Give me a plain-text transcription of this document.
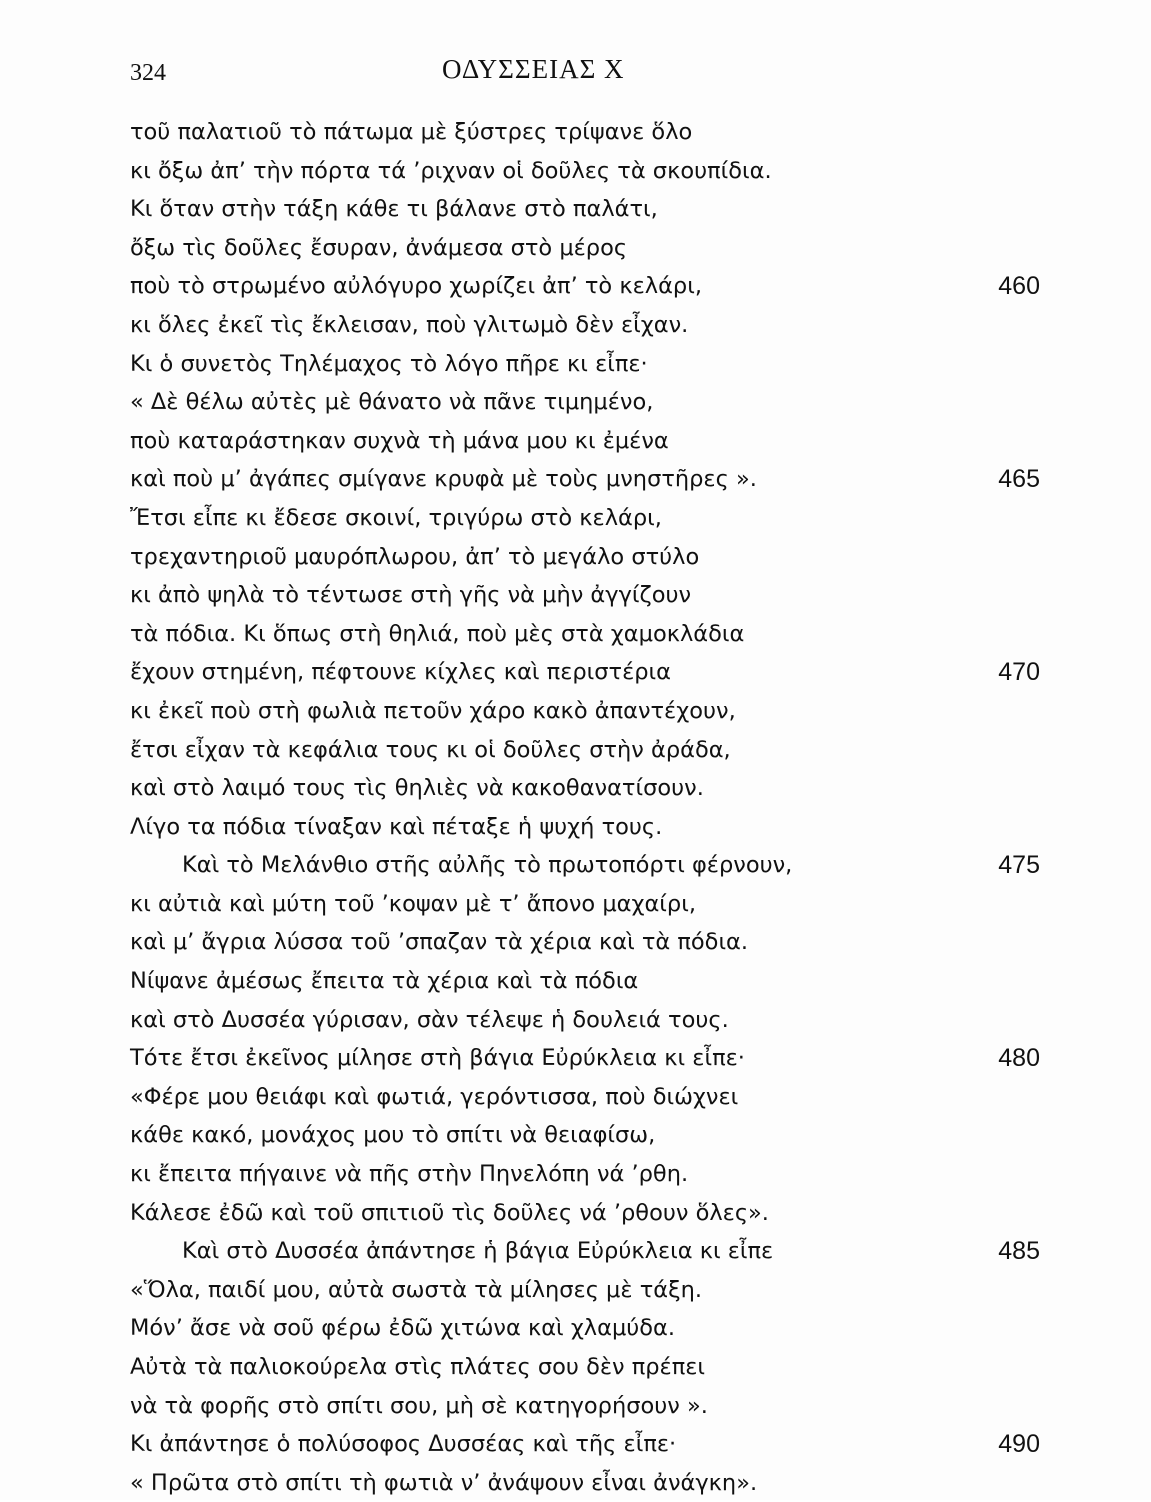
324	ΟΔΥΣΣΕΙΑΣ Χ
τοῦ παλατιοῦ τὸ πάτωμα μὲ ξύστρες τρίψανε ὅλο
κι ὄξω ἀπ’ τὴν πόρτα τά ’ριχναν οἱ δοῦλες τὰ σκουπίδια.
Κι ὅταν στὴν τάξη κάθε τι βάλανε στὸ παλάτι,
ὄξω τὶς δοῦλες ἔσυραν, ἀνάμεσα στὸ μέρος
ποὺ τὸ στρωμένο αὐλόγυρο χωρίζει ἀπ’ τὸ κελάρι,	460
κι ὅλες ἐκεῖ τὶς ἔκλεισαν, ποὺ γλιτωμὸ δὲν εἶχαν.
Κι ὁ συνετὸς Τηλέμαχος τὸ λόγο πῆρε κι εἶπε·
« Δὲ θέλω αὐτὲς μὲ θάνατο νὰ πᾶνε τιμημένο,
ποὺ καταράστηκαν συχνὰ τὴ μάνα μου κι ἐμένα
καὶ ποὺ μ’ ἀγάπες σμίγανε κρυφὰ μὲ τοὺς μνηστῆρες ».	465
Ἔτσι εἶπε κι ἔδεσε σκοινί, τριγύρω στὸ κελάρι,
τρεχαντηριοῦ μαυρόπλωρου, ἀπ’ τὸ μεγάλο στύλο
κι ἀπὸ ψηλὰ τὸ τέντωσε στὴ γῆς νὰ μὴν ἀγγίζουν
τὰ πόδια. Κι ὅπως στὴ θηλιά, ποὺ μὲς στὰ χαμοκλάδια
ἔχουν στημένη, πέφτουνε κίχλες καὶ περιστέρια	470
κι ἐκεῖ ποὺ στὴ φωλιὰ πετοῦν χάρο κακὸ ἀπαντέχουν,
ἔτσι εἶχαν τὰ κεφάλια τους κι οἱ δοῦλες στὴν ἀράδα,
καὶ στὸ λαιμό τους τὶς θηλιὲς νὰ κακοθανατίσουν.
Λίγο τα πόδια τίναξαν καὶ πέταξε ἡ ψυχή τους.
Καὶ τὸ Μελάνθιο στῆς αὐλῆς τὸ πρωτοπόρτι φέρνουν,	475
κι αὐτιὰ καὶ μύτη τοῦ ’κοψαν μὲ τ’ ἄπονο μαχαίρι,
καὶ μ’ ἄγρια λύσσα τοῦ ’σπαζαν τὰ χέρια καὶ τὰ πόδια.
Νίψανε ἀμέσως ἔπειτα τὰ χέρια καὶ τὰ πόδια
καὶ στὸ Δυσσέα γύρισαν, σὰν τέλεψε ἡ δουλειά τους.
Τότε ἔτσι ἐκεῖνος μίλησε στὴ βάγια Εὐρύκλεια κι εἶπε·	480
«Φέρε μου θειάφι καὶ φωτιά, γερόντισσα, ποὺ διώχνει
κάθε κακό, μονάχος μου τὸ σπίτι νὰ θειαφίσω,
κι ἔπειτα πήγαινε νὰ πῆς στὴν Πηνελόπη νά ’ρθη.
Κάλεσε ἐδῶ καὶ τοῦ σπιτιοῦ τὶς δοῦλες νά ’ρθουν ὅλες».
Καὶ στὸ Δυσσέα ἀπάντησε ἡ βάγια Εὐρύκλεια κι εἶπε	485
«Ὅλα, παιδί μου, αὐτὰ σωστὰ τὰ μίλησες μὲ τάξη.
Μόν’ ἄσε νὰ σοῦ φέρω ἐδῶ χιτώνα καὶ χλαμύδα.
Αὐτὰ τὰ παλιοκούρελα στὶς πλάτες σου δὲν πρέπει
νὰ τὰ φορῆς στὸ σπίτι σου, μὴ σὲ κατηγορήσουν ».
Κι ἀπάντησε ὁ πολύσοφος Δυσσέας καὶ τῆς εἶπε·	490
« Πρῶτα στὸ σπίτι τὴ φωτιὰ ν’ ἀνάψουν εἶναι ἀνάγκη».
